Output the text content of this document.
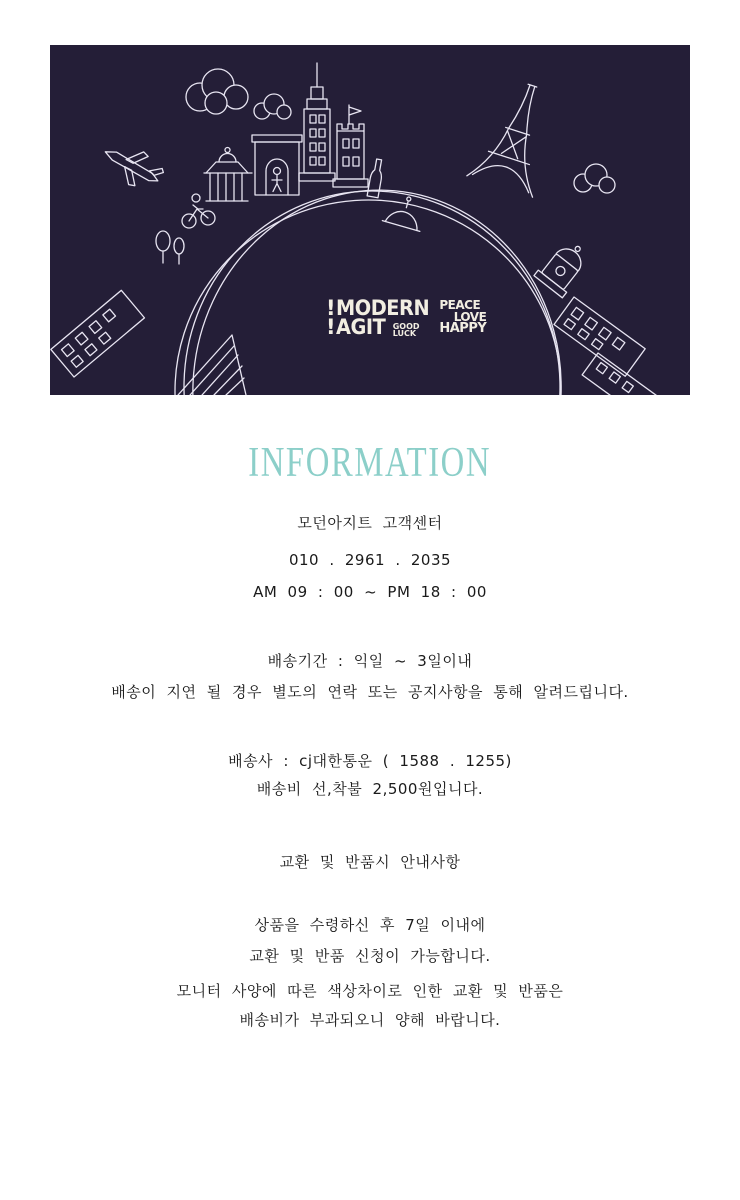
! MODERN
! AGIT GOOD
LUCK
PEACE
LOVE
HAPPY
INFORMATION

모던아지트 고객센터

010 . 2961 . 2035

AM 09 : 00 ~ PM 18 : 00

배송기간 : 익일 ~ 3일이내

배송이 지연 될 경우 별도의 연락 또는 공지사항을 통해 알려드립니다.

배송사 : cj대한통운 ( 1588 . 1255)

배송비 선,착불 2,500원입니다.

교환 및 반품시 안내사항

상품을 수령하신 후 7일 이내에

교환 및 반품 신청이 가능합니다.

모니터 사양에 따른 색상차이로 인한 교환 및 반품은

배송비가 부과되오니 양해 바랍니다.
